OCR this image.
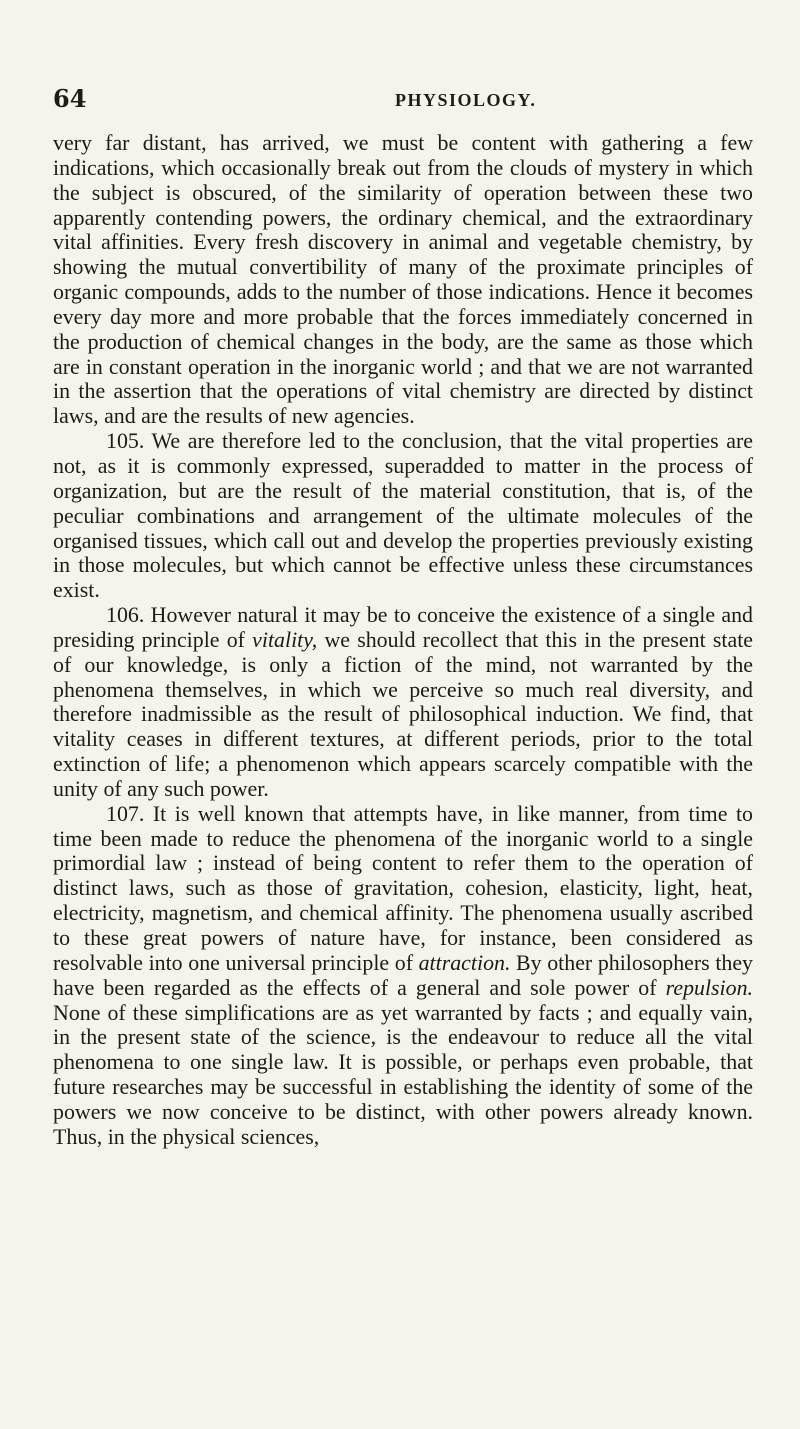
64	PHYSIOLOGY.

very far distant, has arrived, we must be content with gathering a few indications, which occasionally break out from the clouds of mystery in which the subject is obscured, of the similarity of operation between these two apparently contending powers, the ordinary chemical, and the extraordinary vital affinities. Every fresh discovery in animal and vegetable chemistry, by showing the mutual convertibility of many of the proximate principles of organic compounds, adds to the number of those indications. Hence it becomes every day more and more probable that the forces immediately concerned in the production of chemical changes in the body, are the same as those which are in constant operation in the inorganic world ; and that we are not warranted in the assertion that the operations of vital chemistry are directed by distinct laws, and are the results of new agencies.

105. We are therefore led to the conclusion, that the vital properties are not, as it is commonly expressed, superadded to matter in the process of organization, but are the result of the material constitution, that is, of the peculiar combinations and arrangement of the ultimate molecules of the organised tissues, which call out and develop the properties previously existing in those molecules, but which cannot be effective unless these circumstances exist.

106. However natural it may be to conceive the existence of a single and presiding principle of vitality, we should recollect that this in the present state of our knowledge, is only a fiction of the mind, not warranted by the phenomena themselves, in which we perceive so much real diversity, and therefore inadmissible as the result of philosophical induction. We find, that vitality ceases in different textures, at different periods, prior to the total extinction of life; a phenomenon which appears scarcely compatible with the unity of any such power.

107. It is well known that attempts have, in like manner, from time to time been made to reduce the phenomena of the inorganic world to a single primordial law ; instead of being content to refer them to the operation of distinct laws, such as those of gravitation, cohesion, elasticity, light, heat, electricity, magnetism, and chemical affinity. The phenomena usually ascribed to these great powers of nature have, for instance, been considered as resolvable into one universal principle of attraction. By other philosophers they have been regarded as the effects of a general and sole power of repulsion. None of these simplifications are as yet warranted by facts ; and equally vain, in the present state of the science, is the endeavour to reduce all the vital phenomena to one single law. It is possible, or perhaps even probable, that future researches may be successful in establishing the identity of some of the powers we now conceive to be distinct, with other powers already known. Thus, in the physical sciences,
